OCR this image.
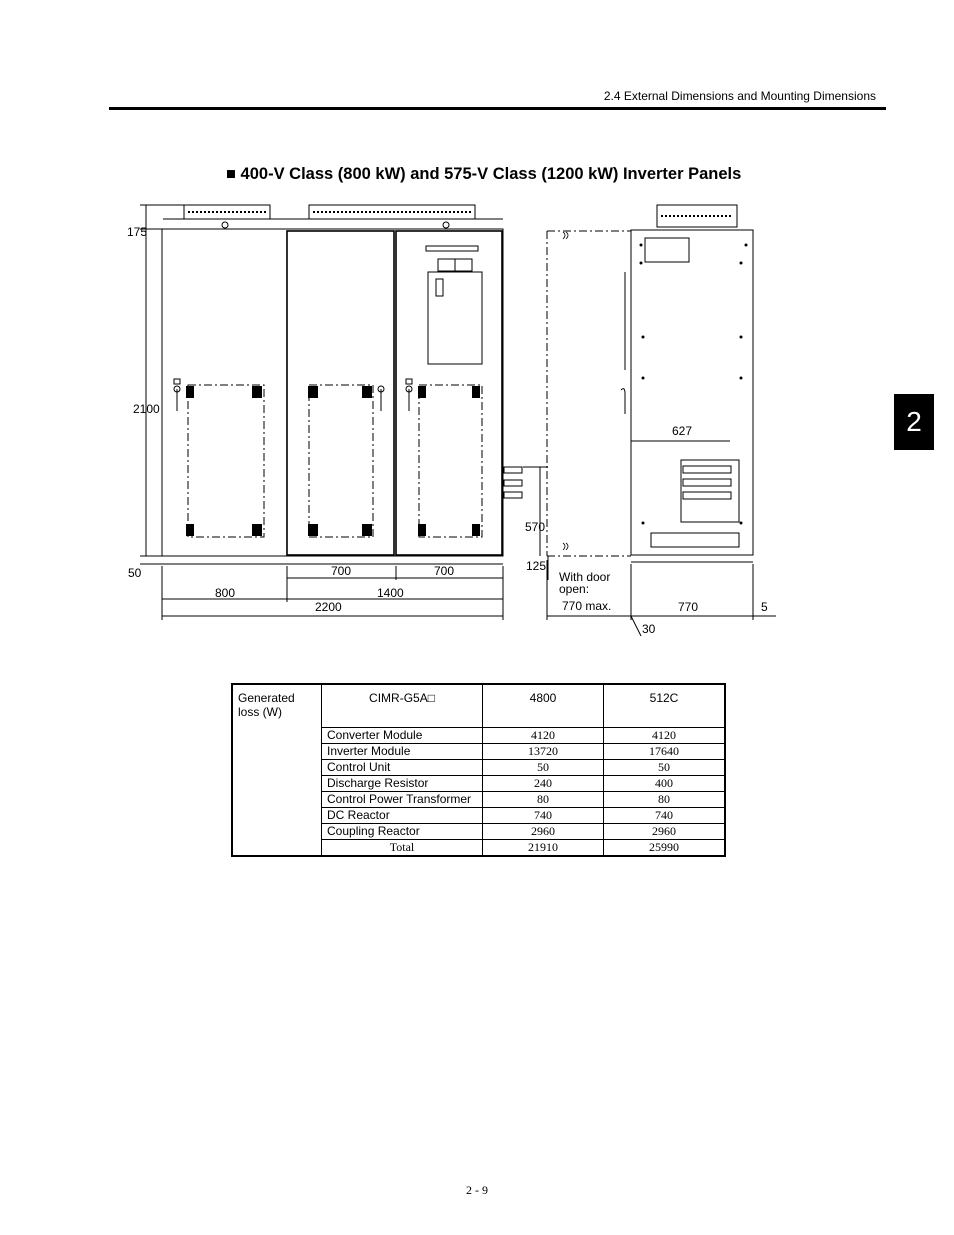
2.4 External Dimensions and Mounting Dimensions
2
■ 400-V Class (800 kW) and 575-V Class (1200 kW) Inverter Panels
175
2100
50	700	700
800	1400
2200
570
125
With door
open:
770 max.
627
770	5
30
Generated
loss (W)	CIMR-G5A□	4800	512C
	Converter Module	4120	4120
	Inverter Module	13720	17640
	Control Unit	50	50
	Discharge Resistor	240	400
	Control Power Transformer	80	80
	DC Reactor	740	740
	Coupling Reactor	2960	2960
	Total	21910	25990
2 - 9
